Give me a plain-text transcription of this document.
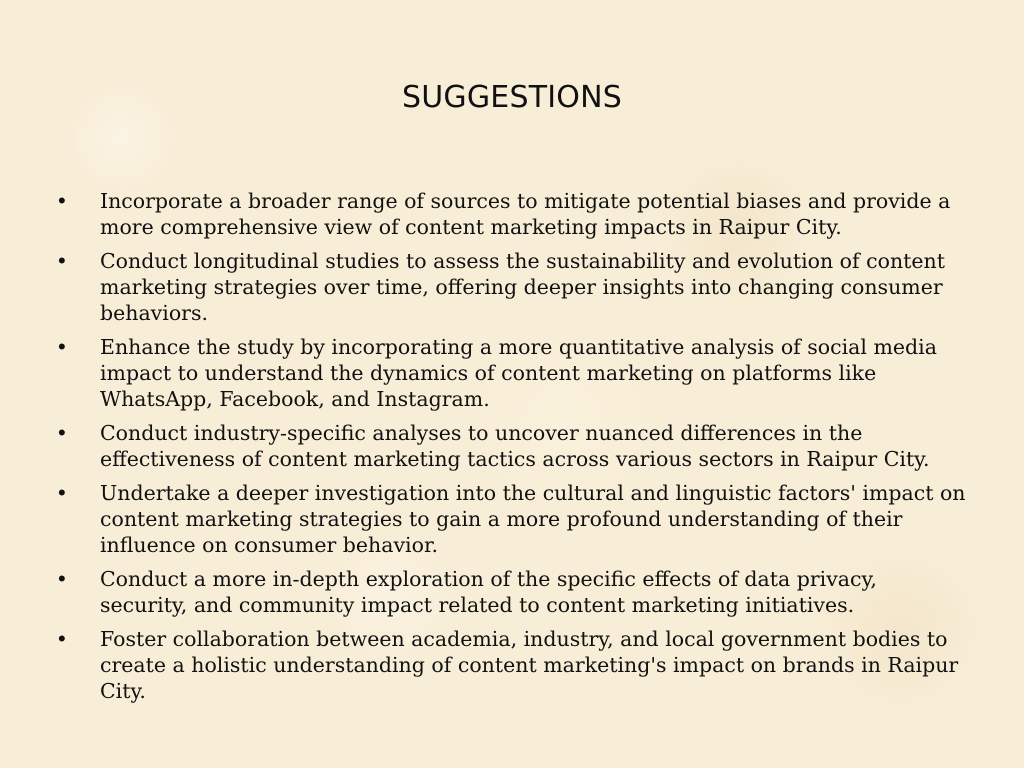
SUGGESTIONS
• Incorporate a broader range of sources to mitigate potential biases and provide a more comprehensive view of content marketing impacts in Raipur City.
• Conduct longitudinal studies to assess the sustainability and evolution of content marketing strategies over time, offering deeper insights into changing consumer behaviors.
• Enhance the study by incorporating a more quantitative analysis of social media impact to understand the dynamics of content marketing on platforms like WhatsApp, Facebook, and Instagram.
• Conduct industry-specific analyses to uncover nuanced differences in the effectiveness of content marketing tactics across various sectors in Raipur City.
• Undertake a deeper investigation into the cultural and linguistic factors' impact on content marketing strategies to gain a more profound understanding of their influence on consumer behavior.
• Conduct a more in-depth exploration of the specific effects of data privacy, security, and community impact related to content marketing initiatives.
• Foster collaboration between academia, industry, and local government bodies to create a holistic understanding of content marketing's impact on brands in Raipur City.
